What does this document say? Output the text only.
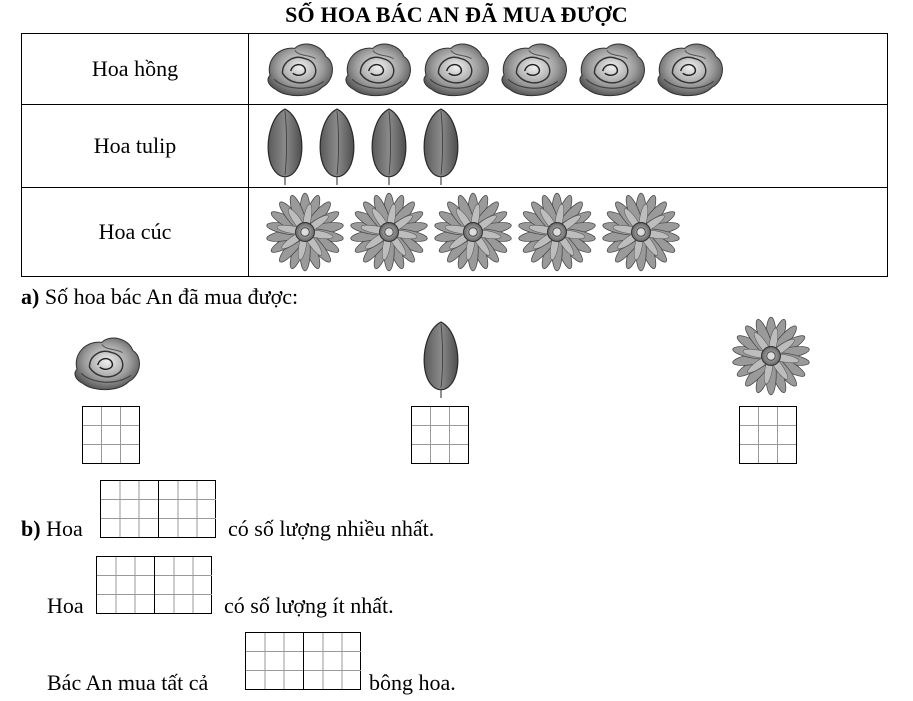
SỐ HOA BÁC AN ĐÃ MUA ĐƯỢC
Hoa hồng	
Hoa tulip	
Hoa cúc	
a) Số hoa bác An đã mua được:
b) Hoa	có số lượng nhiều nhất.
Hoa	có số lượng ít nhất.
Bác An mua tất cả	bông hoa.
